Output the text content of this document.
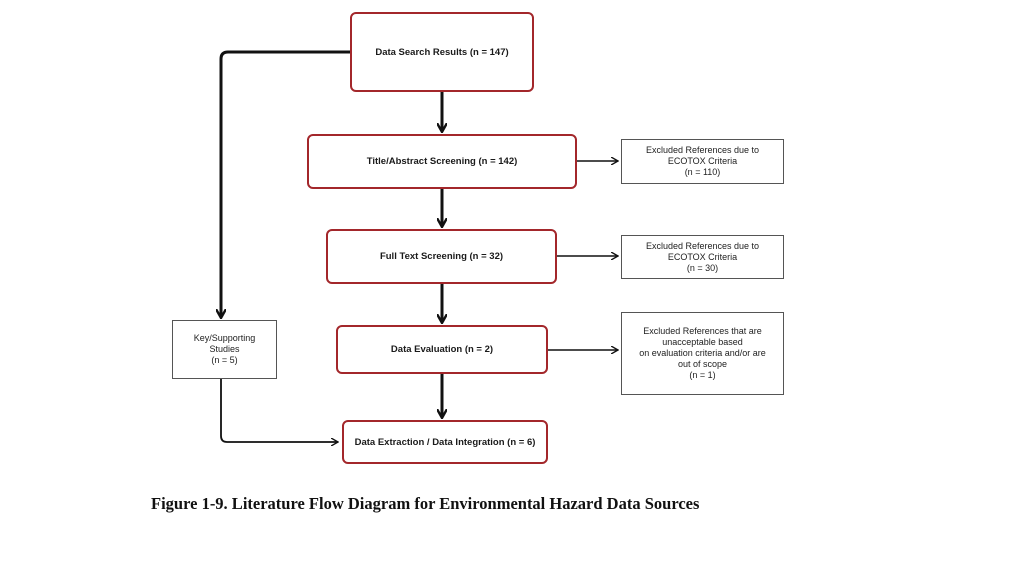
Data Search Results (n = 147)
Title/Abstract Screening (n = 142)
Full Text Screening (n = 32)
Data Evaluation (n = 2)
Data Extraction / Data Integration (n = 6)
Excluded References due to
ECOTOX Criteria
(n = 110)
Excluded References due to
ECOTOX Criteria
(n = 30)
Excluded References that are
unacceptable based
on evaluation criteria and/or are
out of scope
(n = 1)
Key/Supporting
Studies
(n = 5)
Figure 1-9. Literature Flow Diagram for Environmental Hazard Data Sources
